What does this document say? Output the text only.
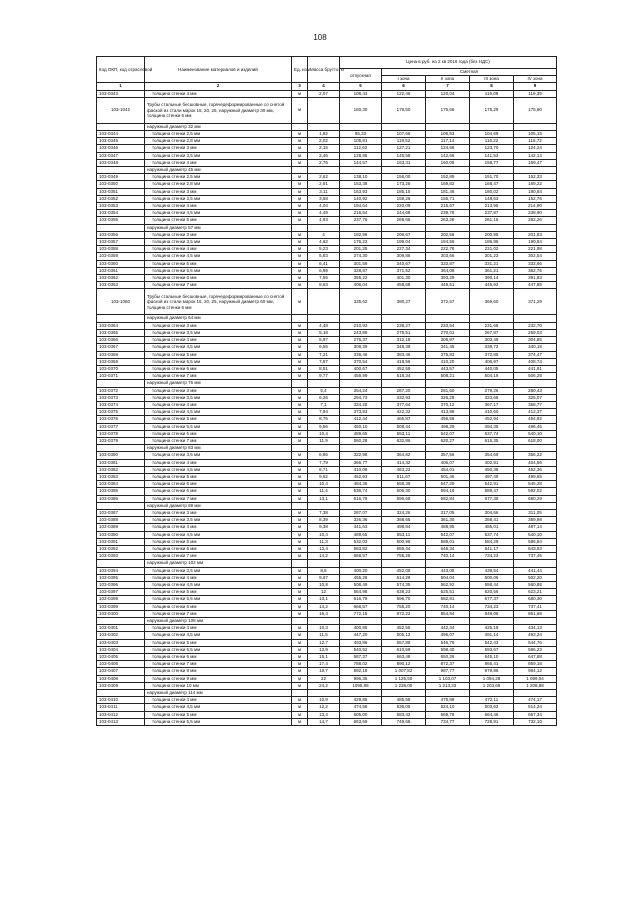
108
Код ОКП, код отраслевой	Наименование материалов и изделий	Ед. изм.	Масса брутто, кг	Цена в руб. на 2 кв 2016 года (без НДС)				
				отпускная	Сметная			
					I зона	II зона	III зона	IV зона
1	2	3	4	5	6	7	8	9
103-0343	толщина стенки 4 мм	м	2,07	108,43	122,46	120,04	119,09	119,39
103-1042	Трубы стальные бесшовные, горячедеформированные со снятой фаской из стали марок 15, 20, 25, наружный диаметр 30 мм, толщина стенки 5 мм	м		160,30	179,50	175,66	175,29	175,90
	наружный диаметр 32 мм							
103-0344	толщина стенки 2,5 мм	м	1,82	95,33	107,66	105,53	104,69	105,15
103-0345	толщина стенки 2,8 мм	м	2,02	105,81	119,52	117,14	116,22	116,72
103-0346	толщина стенки 3 мм	м	2,15	112,62	127,21	124,68	123,70	124,24
103-0347	толщина стенки 3,5 мм	м	2,46	128,85	145,58	142,66	141,53	142,14
103-0348	толщина стенки 4 мм	м	2,76	144,57	163,31	160,05	158,77	159,47
	наружный диаметр 45 мм							
103-0349	толщина стенки 2,5 мм	м	2,62	138,10	156,00	152,89	151,70	152,33
103-0350	толщина стенки 2,8 мм	м	2,91	153,38	173,26	169,82	168,47	169,22
103-0351	толщина стенки 3 мм	м	3,11	163,93	185,15	181,48	180,02	180,84
103-0352	толщина стенки 3,5 мм	м	3,58	140,92	159,26	155,71	148,63	152,76
103-0353	толщина стенки 4 мм	м	4,04	194,64	220,09	215,67	213,95	214,90
103-0354	толщина стенки 4,5 мм	м	4,49	216,54	244,68	239,78	237,87	238,90
103-0355	толщина стенки 5 мм	м	4,93	237,76	268,65	263,28	261,15	262,26
	наружный диаметр 57 мм							
103-0356	толщина стенки 3 мм	м	4	182,96	206,67	202,56	200,95	201,83
103-0357	толщина стенки 3,5 мм	м	4,62	176,22	199,04	194,56	186,96	190,84
103-0358	толщина стенки 4 мм	м	5,23	201,25	227,34	222,78	221,02	221,98
103-0359	толщина стенки 4,5 мм	м	5,83	274,30	309,86	303,66	301,23	302,54
103-0360	толщина стенки 5 мм	м	6,41	301,59	340,67	333,87	331,21	332,66
103-0361	толщина стенки 5,5 мм	м	6,99	328,87	371,52	364,08	361,21	362,76
103-0362	толщина стенки 6 мм	м	7,55	355,22	401,30	393,29	390,14	391,83
103-0363	толщина стенки 7 мм	м	8,63	406,04	458,68	449,51	445,93	447,85
103-1060	Трубы стальные бесшовные, горячедеформированные со снятой фаской из стали марок 15, 20, 25, наружный диаметр 60 мм, толщина стенки 5 мм	м		335,62	380,27	372,57	369,60	371,29
	наружный диаметр 64 мм							
103-0364	толщина стенки 3 мм	м	4,48	210,93	238,27	233,54	231,68	232,70
103-0365	толщина стенки 3,5 мм	м	5,18	243,89	275,51	270,01	267,87	269,03
103-0366	толщина стенки 4 мм	м	5,87	276,37	312,18	305,97	303,49	304,85
103-0367	толщина стенки 4,5 мм	м	6,55	308,39	348,39	341,45	338,72	340,18
103-0368	толщина стенки 5 мм	м	7,21	339,46	383,46	375,83	372,85	374,47
103-0369	толщина стенки 5,5 мм	м	7,87	370,54	418,56	410,20	406,97	408,74
103-0370	толщина стенки 6 мм	м	8,51	400,67	452,59	443,57	440,05	441,91
103-0371	толщина стенки 7 мм	м	9,77	459,99	518,34	508,21	504,19	506,28
	наружный диаметр 76 мм							
103-0372	толщина стенки 3 мм	м	5,4	254,24	287,20	281,50	279,26	280,43
103-0373	толщина стенки 3,5 мм	м	6,26	294,73	332,93	326,28	323,68	325,07
103-0374	толщина стенки 4 мм	м	7,1	334,28	377,64	370,12	367,17	368,77
103-0375	толщина стенки 4,5 мм	м	7,94	373,83	422,32	413,88	410,60	412,37
103-0376	толщина стенки 5 мм	м	8,76	412,44	465,87	456,58	452,94	454,92
103-0377	толщина стенки 5,5 мм	м	9,56	450,10	508,44	498,29	494,35	496,45
103-0378	толщина стенки 6 мм	м	10,4	489,65	553,11	542,07	537,74	540,10
103-0379	толщина стенки 7 мм	м	11,9	560,28	632,86	620,27	615,35	618,00
	наружный диаметр 83 мм							
103-0380	толщина стенки 3,5 мм	м	6,86	322,98	364,82	357,56	354,69	356,22
103-0381	толщина стенки 4 мм	м	7,79	366,77	414,32	406,07	402,81	404,56
103-0382	толщина стенки 4,5 мм	м	8,71	410,08	463,22	454,01	450,38	452,36
103-0383	толщина стенки 5 мм	м	9,62	452,93	511,67	501,46	497,49	499,65
103-0384	толщина стенки 6 мм	м	10,4	484,36	558,39	547,29	542,91	545,28
103-0385	толщина стенки 6 мм	м	11,4	536,74	606,30	594,18	589,47	592,02
103-0386	толщина стенки 7 мм	м	13,1	616,78	696,69	682,84	677,39	680,29
	наружный диаметр 89 мм							
103-0387	толщина стенки 3 мм	м	7,38	287,07	324,26	317,05	304,66	311,05
103-0388	толщина стенки 3,5 мм	м	8,39	326,36	368,65	361,30	358,41	359,98
103-0389	толщина стенки 4 мм	м	9,38	441,63	498,84	488,95	485,01	487,14
103-0390	толщина стенки 4,5 мм	м	10,4	489,65	553,11	542,07	537,74	540,10
103-0391	толщина стенки 5 мм	м	11,3	532,03	600,96	589,01	584,29	586,84
103-0392	толщина стенки 6 мм	м	12,4	583,82	659,44	646,34	641,17	643,93
103-0393	толщина стенки 7 мм	м	14,2	668,57	755,26	740,14	734,23	737,45
	наружный диаметр 102 мм							
103-0394	толщина стенки 3,5 мм	м	8,5	400,20	452,09	443,08	439,54	441,44
103-0395	толщина стенки 4 мм	м	9,67	455,28	514,28	504,04	500,06	502,20
103-0396	толщина стенки 4,5 мм	м	10,8	508,49	574,35	562,92	558,44	560,85
103-0397	толщина стенки 5 мм	м	12	564,98	638,23	625,51	620,56	623,21
103-0398	толщина стенки 5,5 мм	м	13,1	616,78	696,70	682,81	677,37	680,30
103-0399	толщина стенки 6 мм	м	14,2	668,57	755,20	740,14	734,23	737,41
103-0400	толщина стенки 7 мм	м	16,4	772,15	872,22	854,84	848,06	851,68
	наружный диаметр 108 мм							
103-0401	толщина стенки 4 мм	м	10,3	400,85	452,55	442,44	425,19	434,13
103-0402	толщина стенки 4,5 мм	м	11,5	447,20	505,12	495,07	491,14	493,24
103-0403	толщина стенки 5 мм	м	12,7	493,86	557,89	546,76	542,43	544,76
103-0404	толщина стенки 5,5 мм	м	13,9	540,52	610,59	598,40	593,67	596,23
103-0405	толщина стенки 6 мм	м	15,1	587,37	663,48	650,26	645,10	647,88
103-0406	толщина стенки 7 мм	м	17,4	788,02	890,12	872,37	865,41	869,18
103-0407	толщина стенки 8 мм	м	19,7	892,18	1 007,82	987,77	979,86	984,12
103-0408	толщина стенки 9 мм	м	22	996,35	1 125,50	1 103,07	1 094,28	1 099,04
103-0409	толщина стенки 10 мм	м	24,2	1095,98	1 238,00	1 213,33	1 203,69	1 208,88
	наружный диаметр 114 мм							
103-0410	толщина стенки 4 мм	м	10,9	429,85	485,58	475,89	472,11	474,17
103-0411	толщина стенки 4,5 мм	м	12,2	474,58	536,05	524,10	503,62	514,24
103-0412	толщина стенки 5 мм	м	13,4	605,00	683,42	669,78	664,46	667,34
103-0413	толщина стенки 5,5 мм	м	14,7	663,69	749,68	734,77	728,91	732,10
